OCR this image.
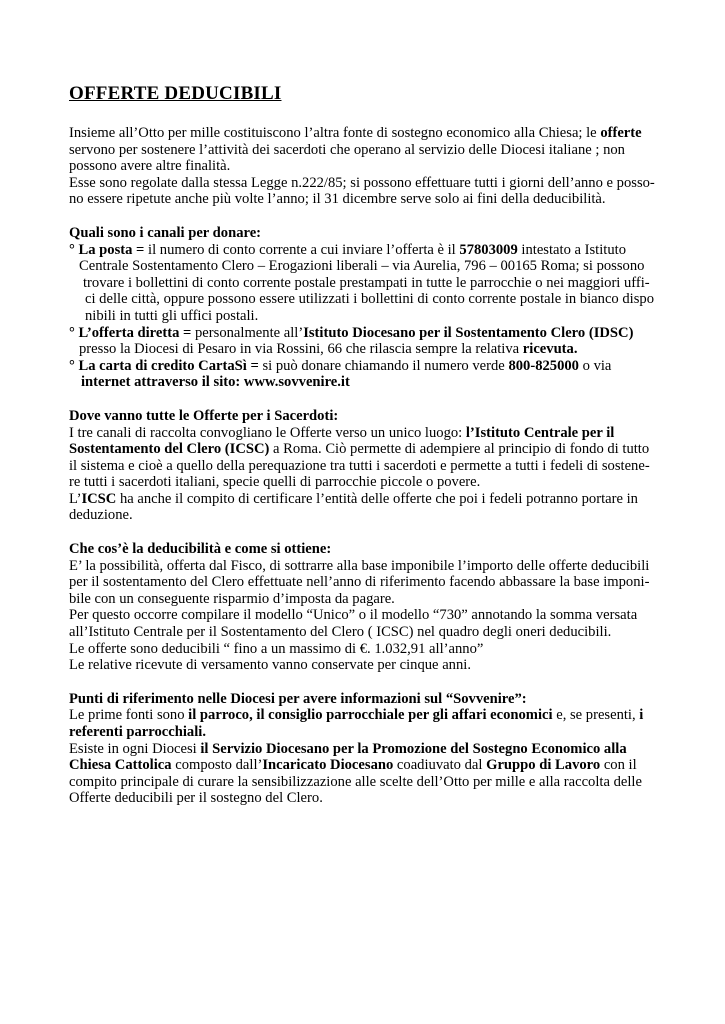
OFFERTE DEDUCIBILI
Insieme all’Otto per mille costituiscono l’altra fonte di sostegno economico alla Chiesa; le offerte
servono per sostenere l’attività dei sacerdoti che operano al servizio delle Diocesi italiane ; non
possono avere altre finalità.
Esse sono regolate dalla stessa Legge n.222/85; si possono effettuare tutti i giorni dell’anno e posso-
no essere ripetute anche più volte l’anno; il 31 dicembre serve solo ai fini della deducibilità.
Quali sono i canali per donare:
° La posta = il numero di conto corrente a cui inviare l’offerta è il 57803009 intestato a Istituto
Centrale Sostentamento Clero – Erogazioni liberali – via Aurelia, 796 – 00165 Roma; si possono
trovare i bollettini di conto corrente postale prestampati in tutte le parrocchie o nei maggiori uffi-
ci delle città, oppure possono essere utilizzati i bollettini di conto corrente postale in bianco dispo
nibili in tutti gli uffici postali.
° L’offerta diretta = personalmente all’Istituto Diocesano per il Sostentamento Clero (IDSC)
presso la Diocesi di Pesaro in via Rossini, 66 che rilascia sempre la relativa ricevuta.
° La carta di credito CartaSì = si può donare chiamando il numero verde 800-825000 o via
internet attraverso il sito: www.sovvenire.it
Dove vanno tutte le Offerte per i Sacerdoti:
I tre canali di raccolta convogliano le Offerte verso un unico luogo: l’Istituto Centrale per il
Sostentamento del Clero (ICSC) a Roma. Ciò permette di adempiere al principio di fondo di tutto
il sistema e cioè a quello della perequazione tra tutti i sacerdoti e permette a tutti i fedeli di sostene-
re tutti i sacerdoti italiani, specie quelli di parrocchie piccole o povere.
L’ICSC ha anche il compito di certificare l’entità delle offerte che poi i fedeli potranno portare in
deduzione.
Che cos’è la deducibilità e come si ottiene:
E’ la possibilità, offerta dal Fisco, di sottrarre alla base imponibile l’importo delle offerte deducibili
per il sostentamento del Clero effettuate nell’anno di riferimento facendo abbassare la base imponi-
bile con un conseguente risparmio d’imposta da pagare.
Per questo occorre compilare il modello “Unico” o il modello “730” annotando la somma versata
all’Istituto Centrale per il Sostentamento del Clero ( ICSC) nel quadro degli oneri deducibili.
Le offerte sono deducibili “ fino a un massimo di €. 1.032,91 all’anno”
Le relative ricevute di versamento vanno conservate per cinque anni.
Punti di riferimento nelle Diocesi per avere informazioni sul “Sovvenire”:
Le prime fonti sono il parroco, il consiglio parrocchiale per gli affari economici e, se presenti, i
referenti parrocchiali.
Esiste in ogni Diocesi il Servizio Diocesano per la Promozione del Sostegno Economico alla
Chiesa Cattolica composto dall’Incaricato Diocesano coadiuvato dal Gruppo di Lavoro con il
compito principale di curare la sensibilizzazione alle scelte dell’Otto per mille e alla raccolta delle
Offerte deducibili per il sostegno del Clero.
